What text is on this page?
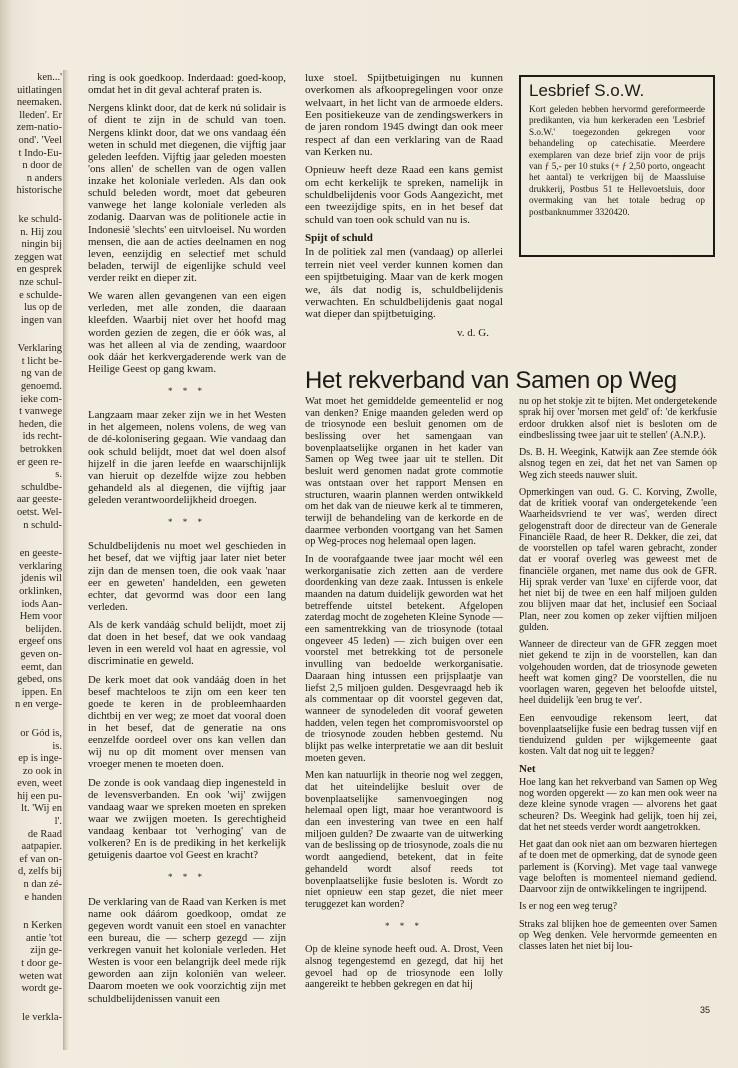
ken...'
uitlatingen
neemaken.
lleden'. Er
zem-natio-
ond'. 'Veel
t Indo-Eu-
n door de
n anders
historische
ke schuld-
n. Hij zou
ningin bij
zeggen wat
en gesprek
nze schul-
e schulde-
lus op de
ingen van
Verklaring
t licht be-
ng van de
genoemd.
ieke com-
t vanwege
heden, die
ids recht-
betrokken
er geen re-
s.
schuldbe-
aar geeste-
oetst. Wel-
n schuld-
en geeste-
verklaring
jdenis wil
orklinken,
iods Aan-
Hem voor
belijden.
ergeef ons
geven on-
eemt, dan
gebed, ons
ippen. En
n en verge-
or Gód is,
is.
ep is inge-
zo ook in
even, weet
hij een pu-
lt. 'Wij en
l'.
de Raad
aatpapier.
ef van on-
d, zelfs bij
n dan zé-
e handen
n Kerken
antie 'tot
zijn ge-
t door ge-
weten wat
wordt ge-
le verkla-

ring is ook goedkoop. Inderdaad: goed-koop, omdat het in dit geval achteraf praten is.

Nergens klinkt door, dat de kerk nú solidair is of dient te zijn in de schuld van toen. Nergens klinkt door, dat we ons vandaag één weten in schuld met diegenen, die vijftig jaar geleden leefden. Vijftig jaar geleden moesten 'ons allen' de schellen van de ogen vallen inzake het koloniale verleden. Als dan ook schuld beleden wordt, moet dat gebeuren vanwege het lange koloniale verleden als zodanig. Daarvan was de politionele actie in Indonesië 'slechts' een uitvloeisel. Nu worden mensen, die aan de acties deelnamen en nog leven, eenzijdig en selectief met schuld beladen, terwijl de eigenlijke schuld veel verder reikt en dieper zit.

We waren allen gevangenen van een eigen verleden, met alle zonden, die daaraan kleefden. Waarbij niet over het hoofd mag worden gezien de zegen, die er óók was, al was het alleen al via de zending, waardoor ook dáár het kerkvergaderende werk van de Heilige Geest op gang kwam.

* * *

Langzaam maar zeker zijn we in het Westen in het algemeen, nolens volens, de weg van de dé-kolonisering gegaan. Wie vandaag dan ook schuld belijdt, moet dat wel doen alsof hijzelf in die jaren leefde en waarschijnlijk van hieruit op dezelfde wijze zou hebben gehandeld als al diegenen, die vijftig jaar geleden verantwoordelijkheid droegen.

* * *

Schuldbelijdenis nu moet wel geschieden in het besef, dat we vijftig jaar later niet beter zijn dan de mensen toen, die ook vaak 'naar eer en geweten' handelden, een geweten echter, dat gevormd was door een lang verleden.

Als de kerk vandáág schuld belijdt, moet zij dat doen in het besef, dat we ook vandaag leven in een wereld vol haat en agressie, vol discriminatie en geweld.

De kerk moet dat ook vandáág doen in het besef machteloos te zijn om een keer ten goede te keren in de probleemhaarden dichtbij en ver weg; ze moet dat vooral doen in het besef, dat de generatie na ons eenzelfde oordeel over ons kan vellen dan wij nu op dit moment over mensen van vroeger menen te moeten doen.

De zonde is ook vandaag diep ingenesteld in de levensverbanden. En ook 'wij' zwijgen vandaag waar we spreken moeten en spreken waar we zwijgen moeten. Is gerechtigheid vandaag kenbaar tot 'verhoging' van de volkeren? En is de prediking in het kerkelijk getuigenis daartoe vol Geest en kracht?

* * *

De verklaring van de Raad van Kerken is met name ook dáárom goedkoop, omdat ze gegeven wordt vanuit een stoel en vanachter een bureau, die — scherp gezegd — zijn verkregen vanuit het koloniale verleden. Het Westen is voor een belangrijk deel mede rijk geworden aan zijn koloniën van weleer. Daarom moeten we ook voorzichtig zijn met schuldbelijdenissen vanuit een

luxe stoel. Spijtbetuigingen nu kunnen overkomen als afkoopregelingen voor onze welvaart, in het licht van de armoede elders. Een positiekeuze van de zendingswerkers in de jaren rondom 1945 dwingt dan ook meer respect af dan een verklaring van de Raad van Kerken nu.

Opnieuw heeft deze Raad een kans gemist om echt kerkelijk te spreken, namelijk in schuldbelijdenis voor Gods Aangezicht, met een tweezijdige spits, en in het besef dat schuld van toen ook schuld van nu is.

Spijt of schuld

In de politiek zal men (vandaag) op allerlei terrein niet veel verder kunnen komen dan een spijtbetuiging. Maar van de kerk mogen we, áls dat nodig is, schuldbelijdenis verwachten. En schuldbelijdenis gaat nogal wat dieper dan spijtbetuiging.

v. d. G.
Lesbrief S.o.W.

Kort geleden hebben hervormd gereformeerde predikanten, via hun kerkeraden een 'Lesbrief S.o.W.' toegezonden gekregen voor behandeling op catechisatie. Meerdere exemplaren van deze brief zijn voor de prijs van ƒ 5,- per 10 stuks (+ ƒ 2,50 porto, ongeacht het aantal) te verkrijgen bij de Maassluise drukkerij, Postbus 51 te Hellevoetsluis, door overmaking van het totale bedrag op postbanknummer 3320420.

Het rekverband van Samen op Weg

Wat moet het gemiddelde gemeentelid er nog van denken? Enige maanden geleden werd op de triosynode een besluit genomen om de beslissing over het samengaan van bovenplaatselijke organen in het kader van Samen op Weg twee jaar uit te stellen. Dit besluit werd genomen nadat grote commotie was ontstaan over het rapport Mensen en structuren, waarin plannen werden ontwikkeld om het dak van de nieuwe kerk al te timmeren, terwijl de behandeling van de kerkorde en de daarmee verbonden voortgang van het Samen op Weg-proces nog helemaal open lagen.

In de voorafgaande twee jaar mocht wél een werkorganisatie zich zetten aan de verdere doordenking van deze zaak. Intussen is enkele maanden na datum duidelijk geworden wat het betreffende uitstel betekent. Afgelopen zaterdag mocht de zogeheten Kleine Synode — een samentrekking van de triosynode (totaal ongeveer 45 leden) — zich buigen over een voorstel met betrekking tot de personele invulling van bedoelde werkorganisatie. Daaraan hing intussen een prijsplaatje van liefst 2,5 miljoen gulden. Desgevraagd heb ik als commentaar op dit voorstel gegeven dat, wanneer de synodeleden dit vooraf geweten hadden, velen tegen het compromisvoorstel op de triosynode zouden hebben gestemd. Nu blijkt pas welke interpretatie we aan dit besluit moeten geven.

Men kan natuurlijk in theorie nog wel zeggen, dat het uiteindelijke besluit over de bovenplaatselijke samenvoegingen nog helemaal open ligt, maar hoe verantwoord is dan een investering van twee en een half miljoen gulden? De zwaarte van de uitwerking van de beslissing op de triosynode, zoals die nu wordt aangediend, betekent, dat in feite gehandeld wordt alsof reeds tot bovenplaatselijke fusie besloten is. Wordt zo niet opnieuw een stap gezet, die niet meer teruggezet kan worden?

* * *

Op de kleine synode heeft oud. A. Drost, Veen alsnog tegengestemd en gezegd, dat hij het gevoel had op de triosynode een lolly aangereikt te hebben gekregen en dat hij

nu op het stokje zit te bijten. Met ondergetekende sprak hij over 'morsen met geld' of: 'de kerkfusie erdoor drukken alsof niet is besloten om de eindbeslissing twee jaar uit te stellen' (A.N.P.).

Ds. B. H. Weegink, Katwijk aan Zee stemde óók alsnog tegen en zei, dat het net van Samen op Weg zich steeds nauwer sluit.

Opmerkingen van oud. G. C. Korving, Zwolle, dat de kritiek vooraf van ondergetekende 'een Waarheidsvriend te ver was', werden direct gelogenstraft door de directeur van de Generale Financiële Raad, de heer R. Dekker, die zei, dat de voorstellen op tafel waren gebracht, zonder dat er vooraf overleg was geweest met de financiële organen, met name dus ook de GFR. Hij sprak verder van 'luxe' en cijferde voor, dat het niet bij de twee en een half miljoen gulden zou blijven maar dat het, inclusief een Sociaal Plan, neer zou komen op zeker vijftien miljoen gulden.

Wanneer de directeur van de GFR zeggen moet niet gekend te zijn in de voorstellen, kan dan volgehouden worden, dat de triosynode geweten heeft wat komen ging? De voorstellen, die nu voorlagen waren, gegeven het beloofde uitstel, heel duidelijk 'een brug te ver'.

Een eenvoudige rekensom leert, dat bovenplaatselijke fusie een bedrag tussen vijf en tienduizend gulden per wijkgemeente gaat kosten. Valt dat nog uit te leggen?

Net

Hoe lang kan het rekverband van Samen op Weg nog worden opgerekt — zo kan men ook weer na deze kleine synode vragen — alvorens het gaat scheuren? Ds. Weegink had gelijk, toen hij zei, dat het net steeds verder wordt aangetrokken.

Het gaat dan ook niet aan om bezwaren hiertegen af te doen met de opmerking, dat de synode geen parlement is (Korving). Met vage taal vanwege vage beloften is momenteel niemand gediend. Daarvoor zijn de ontwikkelingen te ingrijpend.

Is er nog een weg terug?

Straks zal blijken hoe de gemeenten over Samen op Weg denken. Vele hervormde gemeenten en classes laten het niet bij lou-

35
